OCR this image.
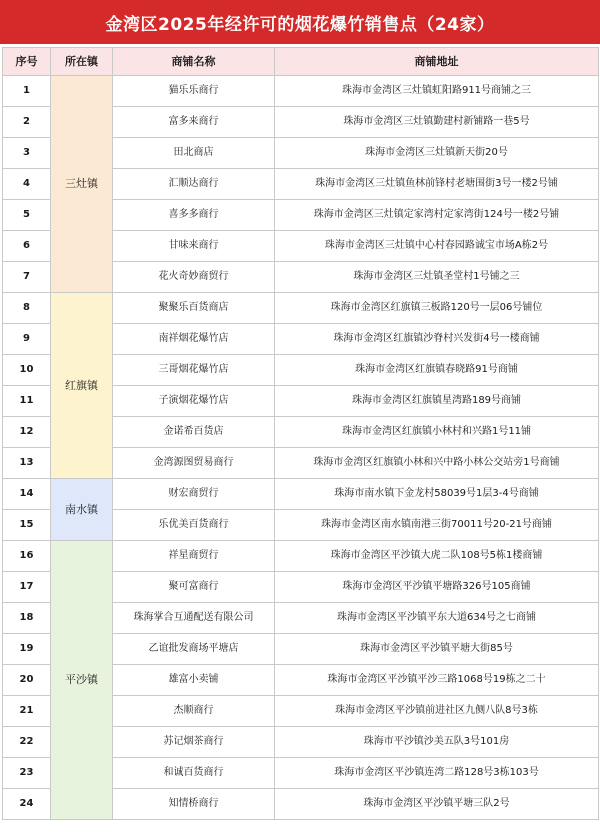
金湾区2025年经许可的烟花爆竹销售点（24家）
序号	所在镇	商铺名称	商铺地址
1	三灶镇	猫乐乐商行	珠海市金湾区三灶镇虹阳路911号商铺之三
2		富多来商行	珠海市金湾区三灶镇勤建村新铺路一巷5号
3		田北商店	珠海市金湾区三灶镇新天街20号
4		汇顺达商行	珠海市金湾区三灶镇鱼林前锋村老塘围街3号一楼2号铺
5		喜多多商行	珠海市金湾区三灶镇定家湾村定家湾街124号一楼2号铺
6		甘味来商行	珠海市金湾区三灶镇中心村春园路诚宝市场A栋2号
7		花火奇妙商贸行	珠海市金湾区三灶镇圣堂村1号铺之三
8	红旗镇	聚聚乐百货商店	珠海市金湾区红旗镇三板路120号一层06号铺位
9		南祥烟花爆竹店	珠海市金湾区红旗镇沙脊村兴发街4号一楼商铺
10		三哥烟花爆竹店	珠海市金湾区红旗镇春晓路91号商铺
11		子演烟花爆竹店	珠海市金湾区红旗镇星湾路189号商铺
12		金诺希百货店	珠海市金湾区红旗镇小林村和兴路1号11铺
13		金湾源图贸易商行	珠海市金湾区红旗镇小林和兴中路小林公交站旁1号商铺
14	南水镇	财宏商贸行	珠海市南水镇下金龙村58039号1层3-4号商铺
15		乐优美百货商行	珠海市金湾区南水镇南港三街70011号20-21号商铺
16	平沙镇	祥星商贸行	珠海市金湾区平沙镇大虎二队108号5栋1楼商铺
17		聚可富商行	珠海市金湾区平沙镇平塘路326号105商铺
18		珠海掌合互通配送有限公司	珠海市金湾区平沙镇平东大道634号之七商铺
19		乙谊批发商场平塘店	珠海市金湾区平沙镇平塘大街85号
20		雄富小卖铺	珠海市金湾区平沙镇平沙三路1068号19栋之二十
21		杰顺商行	珠海市金湾区平沙镇前进社区九侧八队8号3栋
22		苏记烟茶商行	珠海市平沙镇沙美五队3号101房
23		和诚百货商行	珠海市金湾区平沙镇连湾二路128号3栋103号
24		知情桥商行	珠海市金湾区平沙镇平塘三队2号
